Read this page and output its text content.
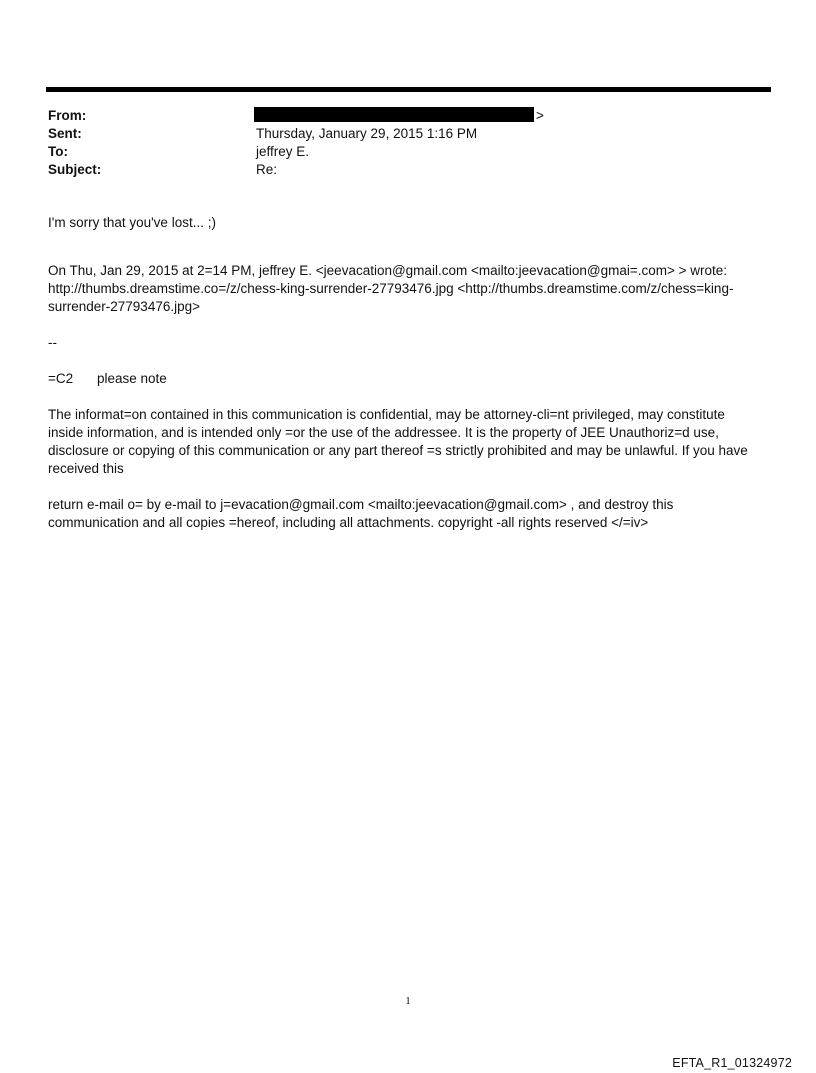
From:	>
Sent:	Thursday, January 29, 2015 1:16 PM
To:	jeffrey E.
Subject:	Re:

I'm sorry that you've lost... ;)

On Thu, Jan 29, 2015 at 2=14 PM, jeffrey E. <jeevacation@gmail.com <mailto:jeevacation@gmai=.com> > wrote:

http://thumbs.dreamstime.co=/z/chess-king-surrender-27793476.jpg <http://thumbs.dreamstime.com/z/chess=king-

surrender-27793476.jpg>

--

=C2	please note

The informat=on contained in this communication is confidential, may be attorney-cli=nt privileged, may constitute

inside information, and is intended only =or the use of the addressee. It is the property of JEE Unauthoriz=d use,

disclosure or copying of this communication or any part thereof =s strictly prohibited and may be unlawful. If you have

received this

return e-mail o= by e-mail to j=evacation@gmail.com <mailto:jeevacation@gmail.com> , and destroy this

communication and all copies =hereof, including all attachments. copyright -all rights reserved </=iv>

1
EFTA_R1_01324972
